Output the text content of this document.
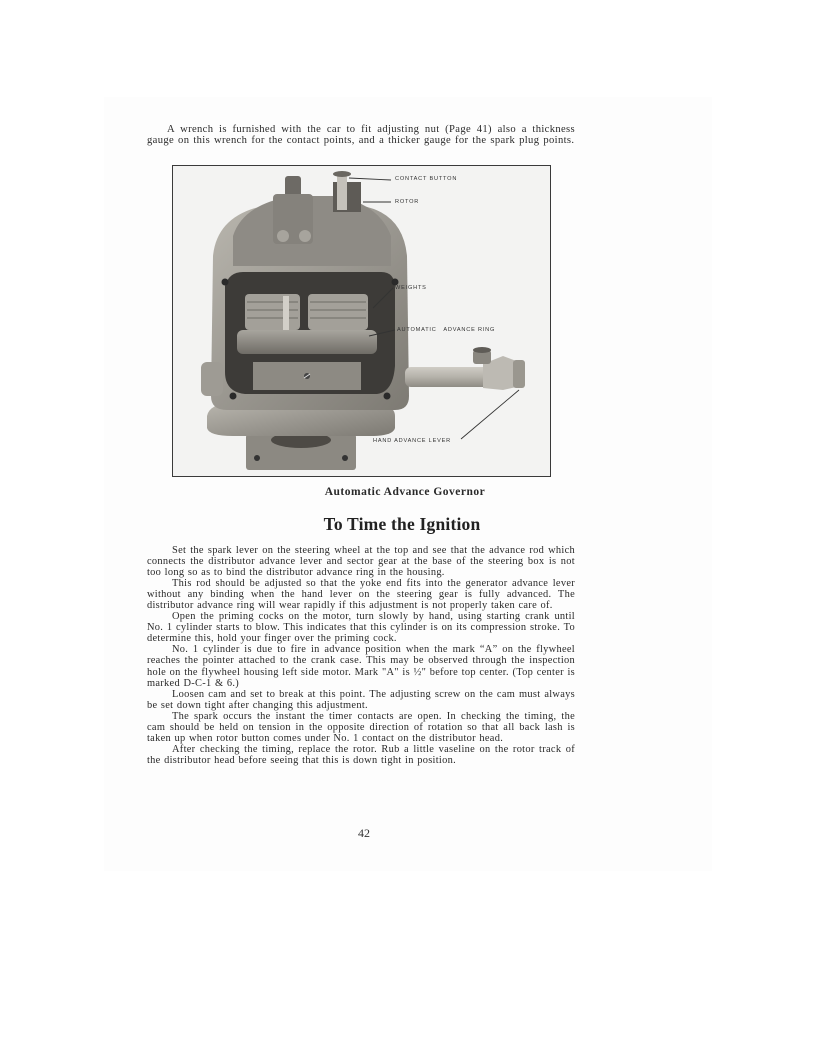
A wrench is furnished with the car to fit adjusting nut (Page 41) also a thickness gauge on this wrench for the contact points, and a thicker gauge for the spark plug points.

CONTACT BUTTON
ROTOR
WEIGHTS
AUTOMATIC   ADVANCE RING
HAND ADVANCE LEVER
Automatic Advance Governor
To Time the Ignition

Set the spark lever on the steering wheel at the top and see that the advance rod which connects the distributor advance lever and sector gear at the base of the steering box is not too long so as to bind the distributor advance ring in the housing.

This rod should be adjusted so that the yoke end fits into the generator advance lever without any binding when the hand lever on the steering gear is fully advanced. The distributor advance ring will wear rapidly if this adjustment is not properly taken care of.

Open the priming cocks on the motor, turn slowly by hand, using starting crank until No. 1 cylinder starts to blow. This indicates that this cylinder is on its compression stroke. To determine this, hold your finger over the priming cock.

No. 1 cylinder is due to fire in advance position when the mark “A” on the flywheel reaches the pointer attached to the crank case. This may be observed through the inspection hole on the flywheel housing left side motor. Mark "A" is ½" before top center. (Top center is marked D-C-1 & 6.)

Loosen cam and set to break at this point. The adjusting screw on the cam must always be set down tight after changing this adjustment.

The spark occurs the instant the timer contacts are open. In checking the timing, the cam should be held on tension in the opposite direction of rotation so that all back lash is taken up when rotor button comes under No. 1 contact on the distributor head.

After checking the timing, replace the rotor. Rub a little vaseline on the rotor track of the distributor head before seeing that this is down tight in position.

42
